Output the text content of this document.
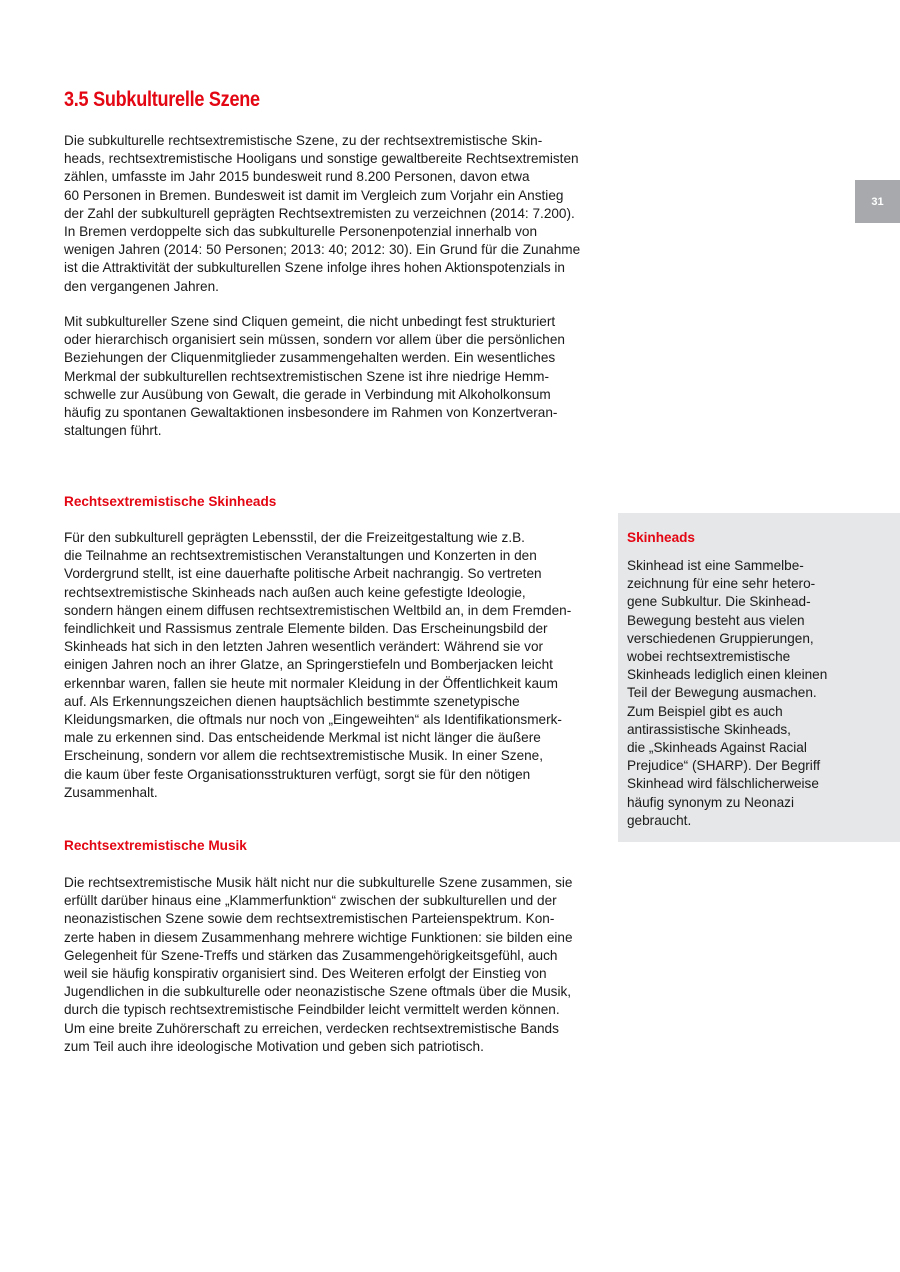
31
3.5 Subkulturelle Szene

Die subkulturelle rechtsextremistische Szene, zu der rechtsextremistische Skin-
heads, rechtsextremistische Hooligans und sonstige gewaltbereite Rechtsextremisten
zählen, umfasste im Jahr 2015 bundesweit rund 8.200 Personen, davon etwa
60 Personen in Bremen. Bundesweit ist damit im Vergleich zum Vorjahr ein Anstieg
der Zahl der subkulturell geprägten Rechtsextremisten zu verzeichnen (2014: 7.200).
In Bremen verdoppelte sich das subkulturelle Personenpotenzial innerhalb von
wenigen Jahren (2014: 50 Personen; 2013: 40; 2012: 30). Ein Grund für die Zunahme
ist die Attraktivität der subkulturellen Szene infolge ihres hohen Aktionspotenzials in
den vergangenen Jahren.

Mit subkultureller Szene sind Cliquen gemeint, die nicht unbedingt fest strukturiert
oder hierarchisch organisiert sein müssen, sondern vor allem über die persönlichen
Beziehungen der Cliquenmitglieder zusammengehalten werden. Ein wesentliches
Merkmal der subkulturellen rechtsextremistischen Szene ist ihre niedrige Hemm-
schwelle zur Ausübung von Gewalt, die gerade in Verbindung mit Alkoholkonsum
häufig zu spontanen Gewaltaktionen insbesondere im Rahmen von Konzertveran-
staltungen führt.

Rechtsextremistische Skinheads

Für den subkulturell geprägten Lebensstil, der die Freizeitgestaltung wie z.B.
die Teilnahme an rechtsextremistischen Veranstaltungen und Konzerten in den
Vordergrund stellt, ist eine dauerhafte politische Arbeit nachrangig. So vertreten
rechtsextremistische Skinheads nach außen auch keine gefestigte Ideologie,
sondern hängen einem diffusen rechtsextremistischen Weltbild an, in dem Fremden-
feindlichkeit und Rassismus zentrale Elemente bilden. Das Erscheinungsbild der
Skinheads hat sich in den letzten Jahren wesentlich verändert: Während sie vor
einigen Jahren noch an ihrer Glatze, an Springerstiefeln und Bomberjacken leicht
erkennbar waren, fallen sie heute mit normaler Kleidung in der Öffentlichkeit kaum
auf. Als Erkennungszeichen dienen hauptsächlich bestimmte szenetypische
Kleidungsmarken, die oftmals nur noch von „Eingeweihten“ als Identifikationsmerk-
male zu erkennen sind. Das entscheidende Merkmal ist nicht länger die äußere
Erscheinung, sondern vor allem die rechtsextremistische Musik. In einer Szene,
die kaum über feste Organisationsstrukturen verfügt, sorgt sie für den nötigen
Zusammenhalt.

Rechtsextremistische Musik

Die rechtsextremistische Musik hält nicht nur die subkulturelle Szene zusammen, sie
erfüllt darüber hinaus eine „Klammerfunktion“ zwischen der subkulturellen und der
neonazistischen Szene sowie dem rechtsextremistischen Parteienspektrum. Kon-
zerte haben in diesem Zusammenhang mehrere wichtige Funktionen: sie bilden eine
Gelegenheit für Szene-Treffs und stärken das Zusammengehörigkeitsgefühl, auch
weil sie häufig konspirativ organisiert sind. Des Weiteren erfolgt der Einstieg von
Jugendlichen in die subkulturelle oder neonazistische Szene oftmals über die Musik,
durch die typisch rechtsextremistische Feindbilder leicht vermittelt werden können.
Um eine breite Zuhörerschaft zu erreichen, verdecken rechtsextremistische Bands
zum Teil auch ihre ideologische Motivation und geben sich patriotisch.

Skinheads

Skinhead ist eine Sammelbe-
zeichnung für eine sehr hetero-
gene Subkultur. Die Skinhead-
Bewegung besteht aus vielen
verschiedenen Gruppierungen,
wobei rechtsextremistische
Skinheads lediglich einen kleinen
Teil der Bewegung ausmachen.
Zum Beispiel gibt es auch
antirassistische Skinheads,
die „Skinheads Against Racial
Prejudice“ (SHARP). Der Begriff
Skinhead wird fälschlicherweise
häufig synonym zu Neonazi
gebraucht.
